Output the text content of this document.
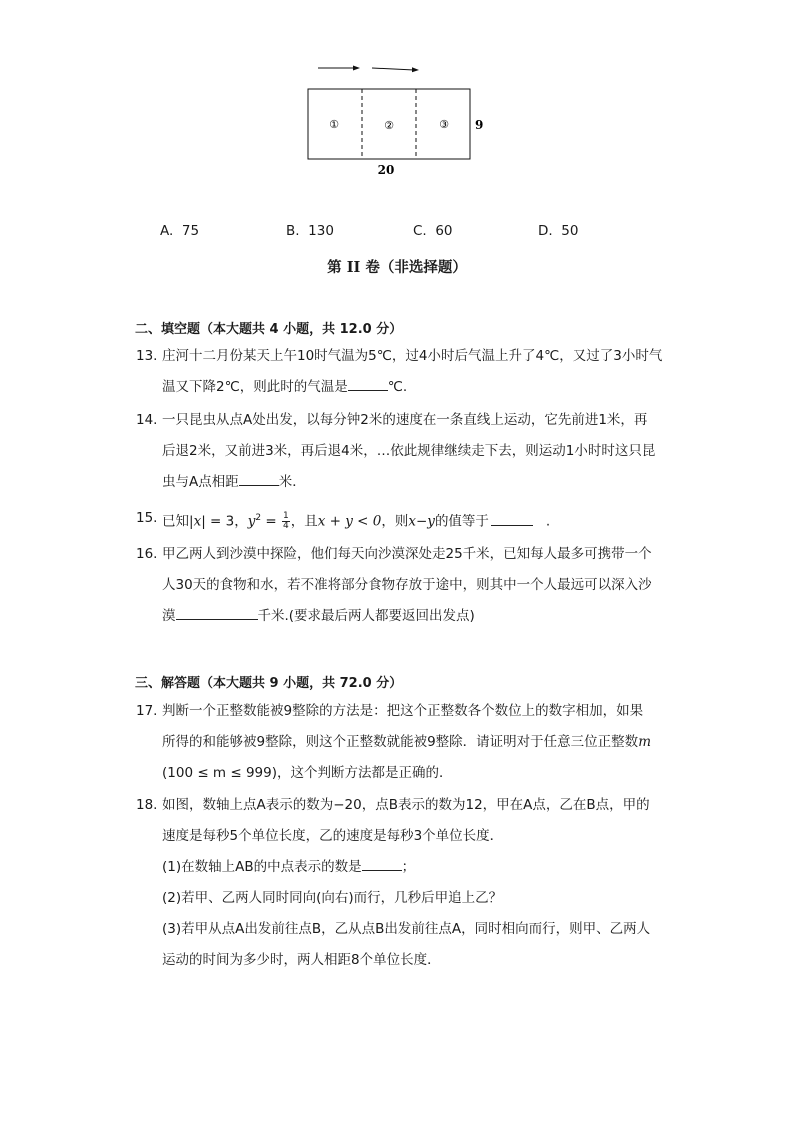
①	②	③ 9
20
A. 75	B. 130	C. 60	D. 50
第 II 卷（非选择题）
二、填空题（本大题共 4 小题，共 12.0 分）
13. 庄河十二月份某天上午10时气温为5℃，过4小时后气温上升了4℃，又过了3小时气
温又下降2℃，则此时的气温是	℃.
14. 一只昆虫从点A处出发，以每分钟2米的速度在一条直线上运动，它先前进1米，再
后退2米，又前进3米，再后退4米，…依此规律继续走下去，则运动1小时时这只昆
虫与A点相距	米．
15. 已知|x| = 3，$y^2 = \frac{1}{4}$ ，且x + y < 0，则x−y的值等于	.
16. 甲乙两人到沙漠中探险，他们每天向沙漠深处走25千米，已知每人最多可携带一个
人30天的食物和水，若不准将部分食物存放于途中，则其中一个人最远可以深入沙
漠	千米.(要求最后两人都要返回出发点)
三、解答题（本大题共 9 小题，共 72.0 分）
17. 判断一个正整数能被9整除的方法是：把这个正整数各个数位上的数字相加，如果
所得的和能够被9整除，则这个正整数就能被9整除．请证明对于任意三位正整数m
(100 ≤ m ≤ 999)，这个判断方法都是正确的．
18. 如图，数轴上点A表示的数为−20，点B表示的数为12，甲在A点，乙在B点，甲的
速度是每秒5个单位长度，乙的速度是每秒3个单位长度．
(1)在数轴上AB的中点表示的数是	；
(2)若甲、乙两人同时同向(向右)而行，几秒后甲追上乙？
(3)若甲从点A出发前往点B，乙从点B出发前往点A，同时相向而行，则甲、乙两人
运动的时间为多少时，两人相距8个单位长度．
